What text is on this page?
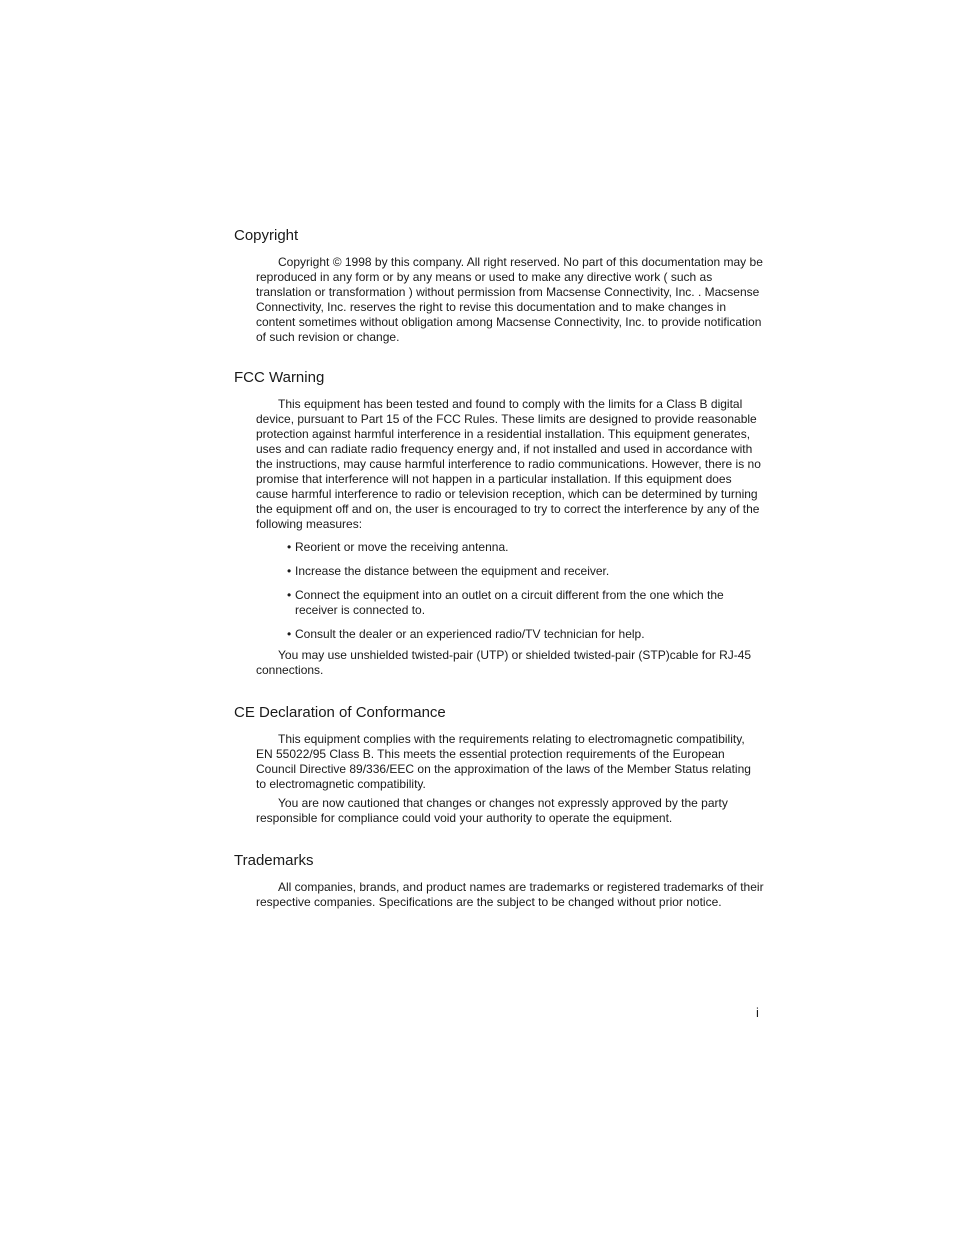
Copyright

Copyright © 1998 by this company. All right reserved. No part of this documentation may be reproduced in any form or by any means or used to make any directive work ( such as translation or transformation ) without permission from Macsense Connectivity, Inc. . Macsense Connectivity, Inc. reserves the right to revise this documentation and to make changes in content sometimes without obligation among Macsense Connectivity, Inc. to provide notification of such revision or change.

FCC Warning

This equipment has been tested and found to comply with the limits for a Class B digital device, pursuant to Part 15 of the FCC Rules. These limits are designed to provide reasonable protection against harmful interference in a residential installation. This equipment generates, uses and can radiate radio frequency energy and, if not installed and used in accordance with the instructions, may cause harmful interference to radio communications. However, there is no promise that interference will not happen in a particular installation. If this equipment does cause harmful interference to radio or television reception, which can be determined by turning the equipment off and on, the user is encouraged to try to correct the interference by any of the following measures:

• Reorient or move the receiving antenna.
• Increase the distance between the equipment and receiver.
• Connect the equipment into an outlet on a circuit different from the one which the receiver is connected to.
• Consult the dealer or an experienced radio/TV technician for help.

You may use unshielded twisted-pair (UTP) or shielded twisted-pair (STP)cable for RJ-45 connections.

CE Declaration of Conformance

This equipment complies with the requirements relating to electromagnetic compatibility, EN 55022/95 Class B. This meets the essential protection requirements of the European Council Directive 89/336/EEC on the approximation of the laws of the Member Status relating to electromagnetic compatibility.

You are now cautioned that changes or changes not expressly approved by the party responsible for compliance could void your authority to operate the equipment.

Trademarks

All companies, brands, and product names are trademarks or registered trademarks of their respective companies. Specifications are the subject to be changed without prior notice.

i
